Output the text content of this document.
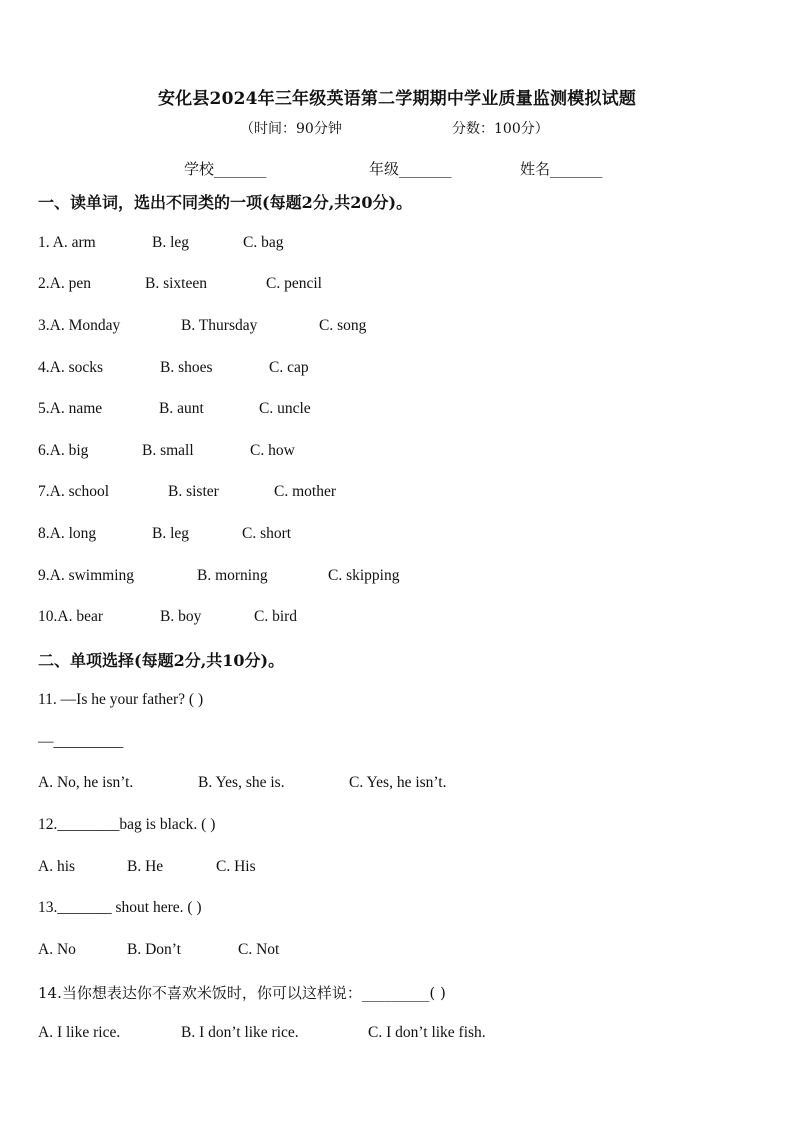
安化县2024年三年级英语第二学期期中学业质量监测模拟试题
（时间：90分钟	分数：100分）
学校_______	年级_______	姓名_______
一、读单词，选出不同类的一项(每题2分,共20分)。
1. A. arm	B. leg	C. bag
2.A. pen	B. sixteen	C. pencil
3.A. Monday	B. Thursday	C. song
4.A. socks	B. shoes	C. cap
5.A. name	B. aunt	C. uncle
6.A. big	B. small	C. how
7.A. school	B. sister	C. mother
8.A. long	B. leg	C. short
9.A. swimming	B. morning	C. skipping
10.A. bear	B. boy	C. bird
二、单项选择(每题2分,共10分)。
11. —Is he your father? ( )
—_________
A. No, he isn’t.	B. Yes, she is.	C. Yes, he isn’t.
12.________bag is black. ( )
A. his	B. He	C. His
13._______ shout here. ( )
A. No	B. Don’t	C. Not
14.当你想表达你不喜欢米饭时，你可以这样说：_________( )
A. I like rice.	B. I don’t like rice.	C. I don’t like fish.
